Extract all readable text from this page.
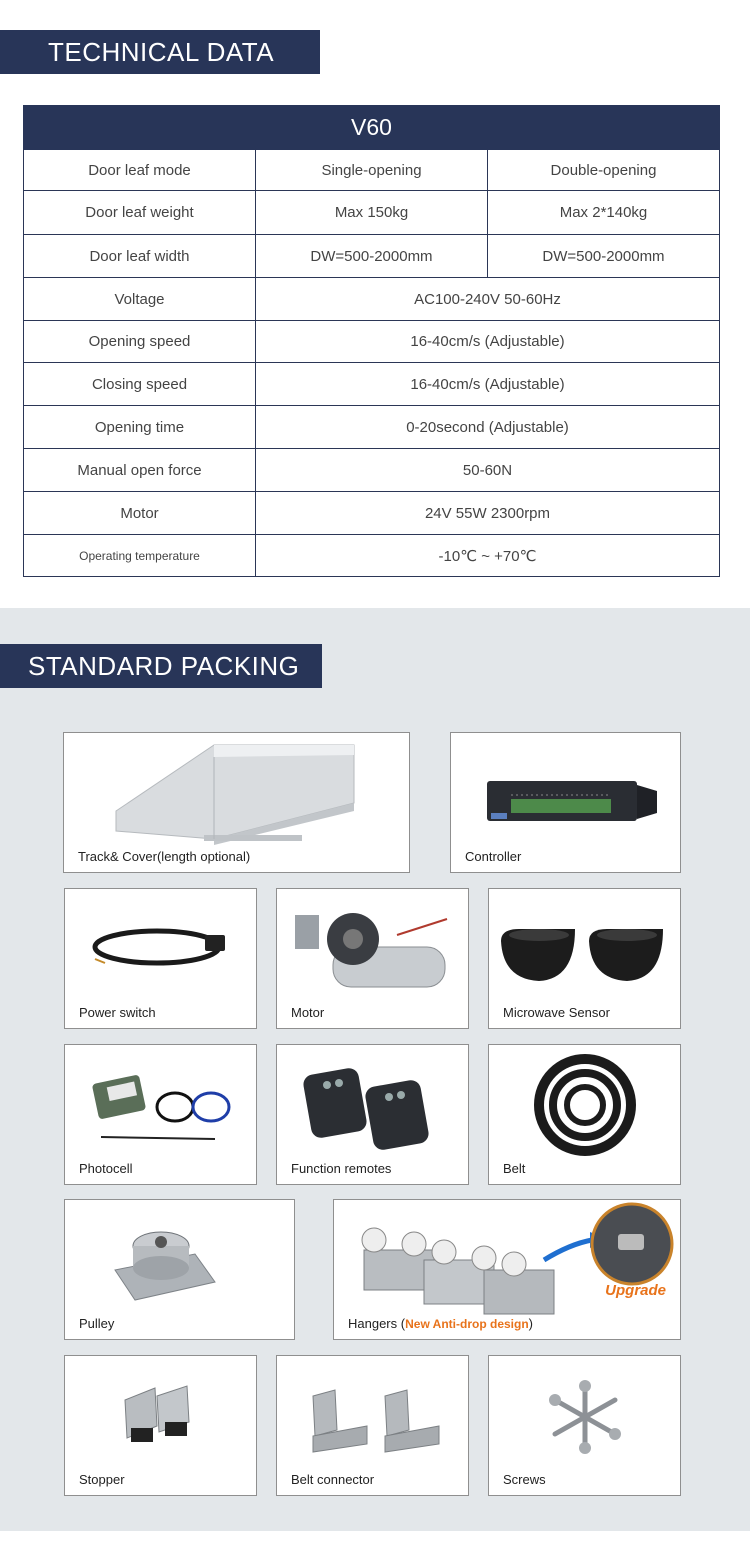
TECHNICAL DATA
V60		
Door leaf mode	Single-opening	Double-opening
Door leaf weight	Max 150kg	Max 2*140kg
Door leaf width	DW=500-2000mm	DW=500-2000mm
Voltage	AC100-240V 50-60Hz	
Opening speed	16-40cm/s (Adjustable)	
Closing speed	16-40cm/s (Adjustable)	
Opening time	0-20second (Adjustable)	
Manual open force	50-60N	
Motor	24V 55W 2300rpm	
Operating temperature	-10℃ ~ +70℃	
STANDARD PACKING
Track& Cover(length optional)	Controller
Power switch	Motor	Microwave Sensor
Photocell	Function remotes	Belt
Pulley
Upgrade
Hangers (New Anti-drop design)
Stopper	Belt connector	Screws
